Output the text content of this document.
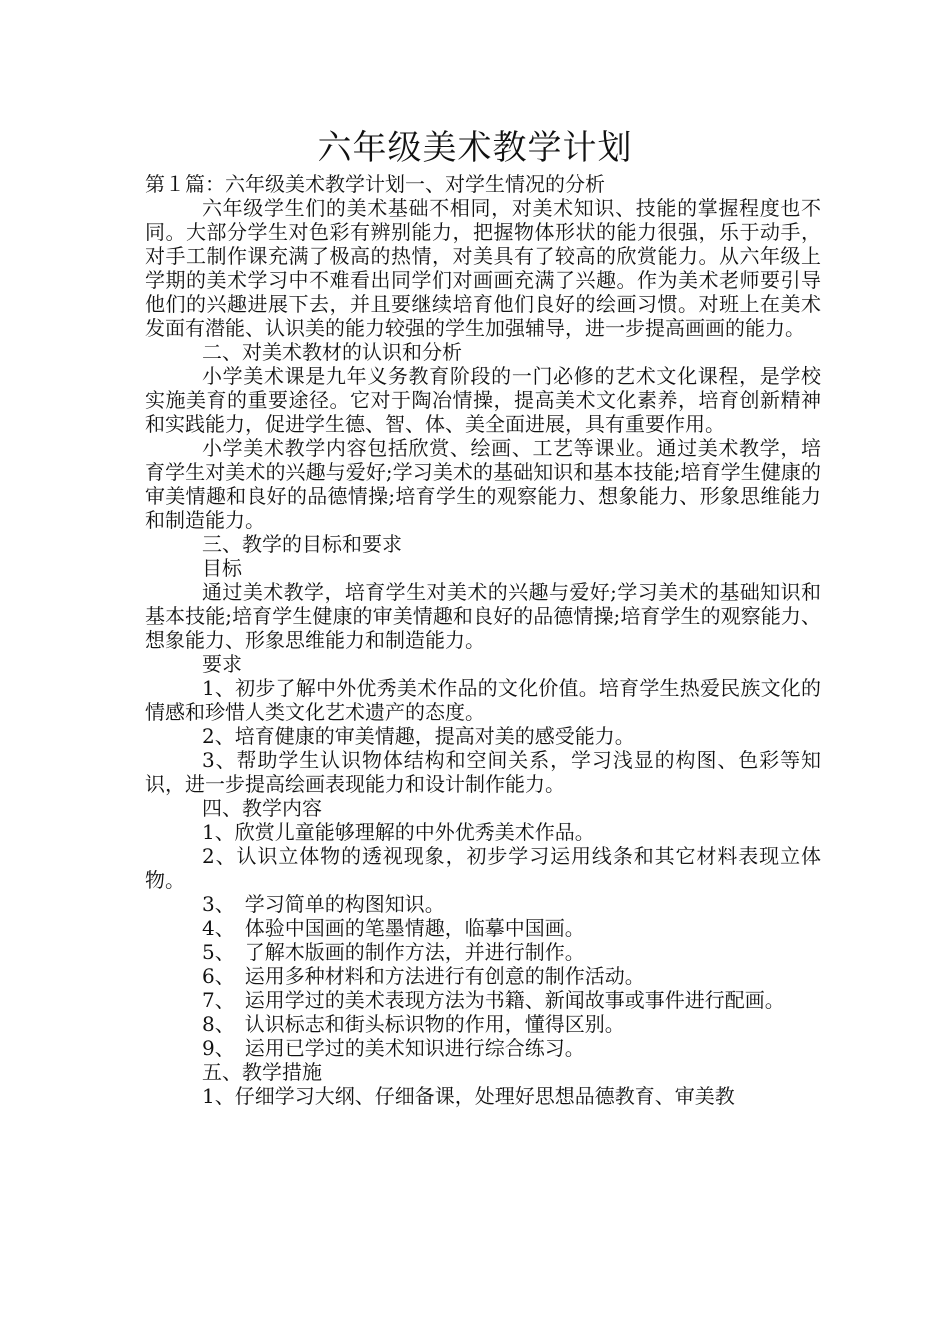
六年级美术教学计划

第１篇：六年级美术教学计划一、对学生情况的分析

六年级学生们的美术基础不相同，对美术知识、技能的掌握程度也不同。大部分学生对色彩有辨别能力，把握物体形状的能力很强，乐于动手，对手工制作课充满了极高的热情，对美具有了较高的欣赏能力。从六年级上学期的美术学习中不难看出同学们对画画充满了兴趣。作为美术老师要引导他们的兴趣进展下去，并且要继续培育他们良好的绘画习惯。对班上在美术发面有潜能、认识美的能力较强的学生加强辅导，进一步提高画画的能力。

二、对美术教材的认识和分析

小学美术课是九年义务教育阶段的一门必修的艺术文化课程，是学校实施美育的重要途径。它对于陶冶情操，提高美术文化素养，培育创新精神和实践能力，促进学生德、智、体、美全面进展，具有重要作用。

小学美术教学内容包括欣赏、绘画、工艺等课业。通过美术教学，培育学生对美术的兴趣与爱好;学习美术的基础知识和基本技能;培育学生健康的审美情趣和良好的品德情操;培育学生的观察能力、想象能力、形象思维能力和制造能力。

三、教学的目标和要求

目标

通过美术教学，培育学生对美术的兴趣与爱好;学习美术的基础知识和基本技能;培育学生健康的审美情趣和良好的品德情操;培育学生的观察能力、想象能力、形象思维能力和制造能力。

要求

1、初步了解中外优秀美术作品的文化价值。培育学生热爱民族文化的情感和珍惜人类文化艺术遗产的态度。

2、培育健康的审美情趣，提高对美的感受能力。

3、帮助学生认识物体结构和空间关系，学习浅显的构图、色彩等知识，进一步提高绘画表现能力和设计制作能力。

四、教学内容

1、欣赏儿童能够理解的中外优秀美术作品。

2、认识立体物的透视现象，初步学习运用线条和其它材料表现立体物。

3、　学习简单的构图知识。

4、　体验中国画的笔墨情趣，临摹中国画。

5、　了解木版画的制作方法，并进行制作。

6、　运用多种材料和方法进行有创意的制作活动。

7、　运用学过的美术表现方法为书籍、新闻故事或事件进行配画。

8、　认识标志和街头标识物的作用，懂得区别。

9、　运用已学过的美术知识进行综合练习。

五、教学措施

1、仔细学习大纲、仔细备课，处理好思想品德教育、审美教
